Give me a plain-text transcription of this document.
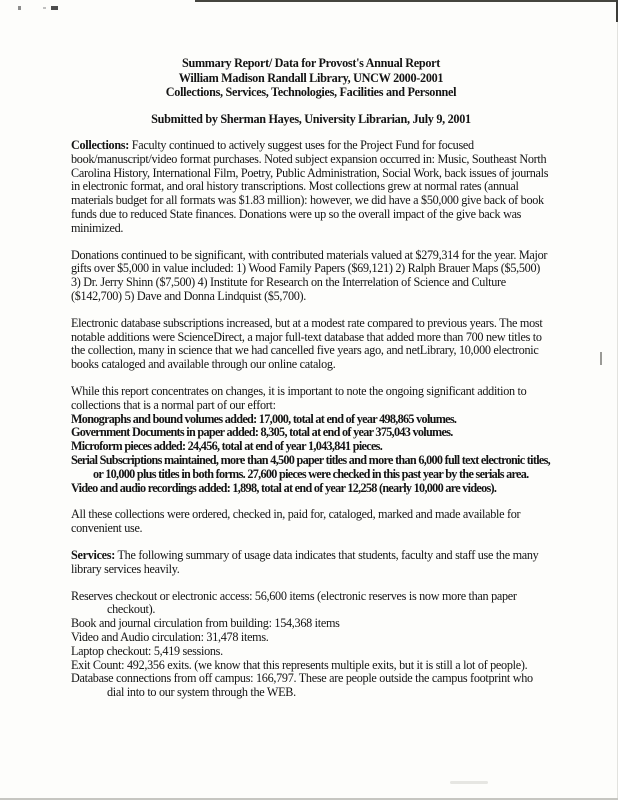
Summary Report/ Data for Provost's Annual Report
William Madison Randall Library, UNCW 2000-2001
Collections, Services, Technologies, Facilities and Personnel
Submitted by Sherman Hayes, University Librarian, July 9, 2001

Collections: Faculty continued to actively suggest uses for the Project Fund for focused book/manuscript/video format purchases. Noted subject expansion occurred in: Music, Southeast North Carolina History, International Film, Poetry, Public Administration, Social Work, back issues of journals in electronic format, and oral history transcriptions. Most collections grew at normal rates (annual materials budget for all formats was $1.83 million): however, we did have a $50,000 give back of book funds due to reduced State finances. Donations were up so the overall impact of the give back was minimized.

Donations continued to be significant, with contributed materials valued at $279,314 for the year. Major gifts over $5,000 in value included: 1) Wood Family Papers ($69,121) 2) Ralph Brauer Maps ($5,500) 3) Dr. Jerry Shinn ($7,500) 4) Institute for Research on the Interrelation of Science and Culture ($142,700) 5) Dave and Donna Lindquist ($5,700).

Electronic database subscriptions increased, but at a modest rate compared to previous years. The most notable additions were ScienceDirect, a major full-text database that added more than 700 new titles to the collection, many in science that we had cancelled five years ago, and netLibrary, 10,000 electronic books cataloged and available through our online catalog.

While this report concentrates on changes, it is important to note the ongoing significant addition to collections that is a normal part of our effort:

Monographs and bound volumes added: 17,000, total at end of year 498,865 volumes.

Government Documents in paper added: 8,305, total at end of year 375,043 volumes.

Microform pieces added: 24,456, total at end of year 1,043,841 pieces.

Serial Subscriptions maintained, more than 4,500 paper titles and more than 6,000 full text electronic titles, or 10,000 plus titles in both forms. 27,600 pieces were checked in this past year by the serials area.

Video and audio recordings added: 1,898, total at end of year 12,258 (nearly 10,000 are videos).

All these collections were ordered, checked in, paid for, cataloged, marked and made available for convenient use.

Services: The following summary of usage data indicates that students, faculty and staff use the many library services heavily.

Reserves checkout or electronic access: 56,600 items (electronic reserves is now more than paper checkout).

Book and journal circulation from building: 154,368 items

Video and Audio circulation: 31,478 items.

Laptop checkout: 5,419 sessions.

Exit Count: 492,356 exits. (we know that this represents multiple exits, but it is still a lot of people).

Database connections from off campus: 166,797. These are people outside the campus footprint who dial into to our system through the WEB.
